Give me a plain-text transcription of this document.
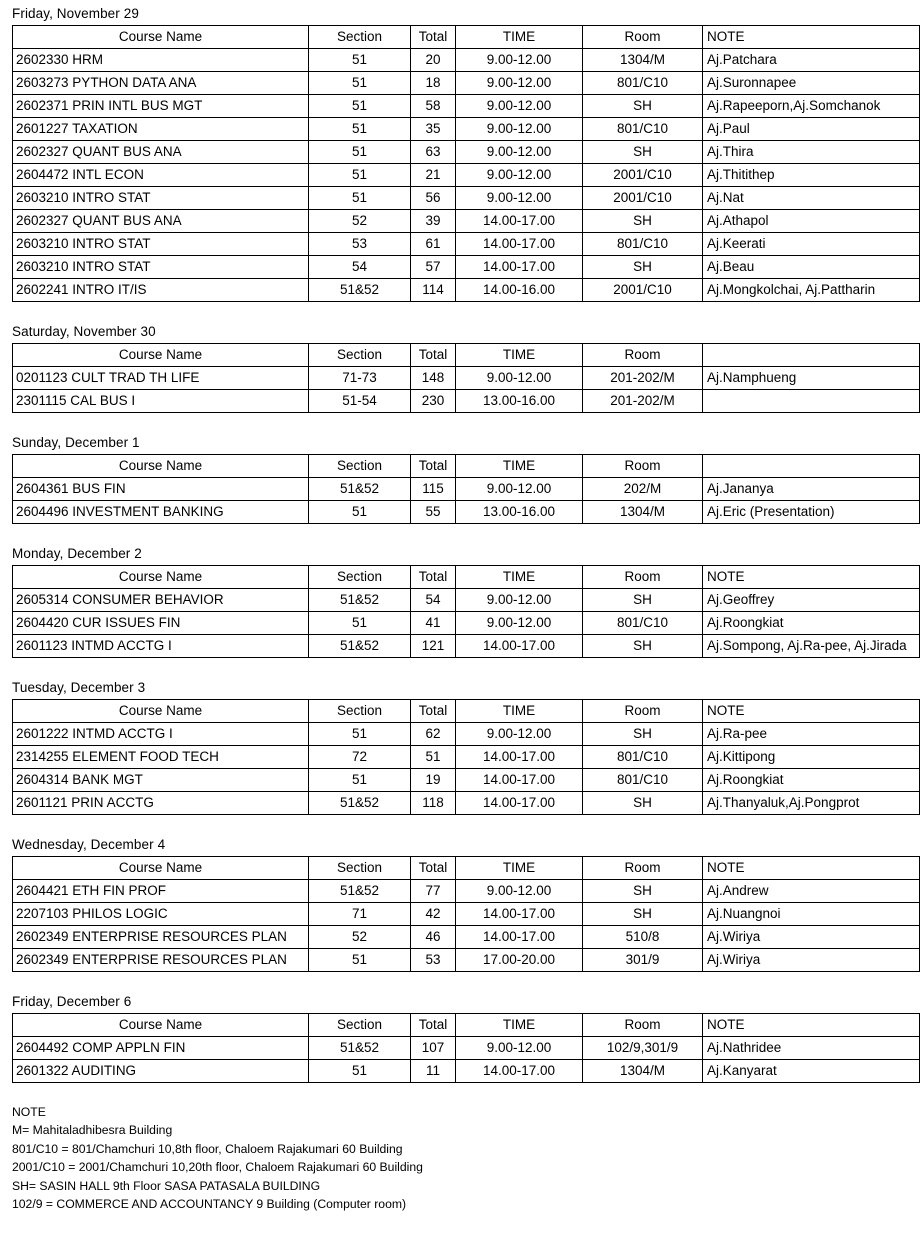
Friday, November 29
Course Name	Section	Total	TIME	Room	NOTE
2602330 HRM	51	20	9.00-12.00	1304/M	Aj.Patchara
2603273 PYTHON DATA ANA	51	18	9.00-12.00	801/C10	Aj.Suronnapee
2602371 PRIN INTL BUS MGT	51	58	9.00-12.00	SH	Aj.Rapeeporn,Aj.Somchanok
2601227 TAXATION	51	35	9.00-12.00	801/C10	Aj.Paul
2602327 QUANT BUS ANA	51	63	9.00-12.00	SH	Aj.Thira
2604472 INTL ECON	51	21	9.00-12.00	2001/C10	Aj.Thitithep
2603210 INTRO STAT	51	56	9.00-12.00	2001/C10	Aj.Nat
2602327 QUANT BUS ANA	52	39	14.00-17.00	SH	Aj.Athapol
2603210 INTRO STAT	53	61	14.00-17.00	801/C10	Aj.Keerati
2603210 INTRO STAT	54	57	14.00-17.00	SH	Aj.Beau
2602241 INTRO IT/IS	51&52	114	14.00-16.00	2001/C10	Aj.Mongkolchai, Aj.Pattharin
Saturday, November 30
Course Name	Section	Total	TIME	Room	
0201123 CULT TRAD TH LIFE	71-73	148	9.00-12.00	201-202/M	Aj.Namphueng
2301115 CAL BUS I	51-54	230	13.00-16.00	201-202/M	
Sunday, December 1
Course Name	Section	Total	TIME	Room	
2604361 BUS FIN	51&52	115	9.00-12.00	202/M	Aj.Jananya
2604496 INVESTMENT BANKING	51	55	13.00-16.00	1304/M	Aj.Eric (Presentation)
Monday, December 2
Course Name	Section	Total	TIME	Room	NOTE
2605314 CONSUMER BEHAVIOR	51&52	54	9.00-12.00	SH	Aj.Geoffrey
2604420 CUR ISSUES FIN	51	41	9.00-12.00	801/C10	Aj.Roongkiat
2601123 INTMD ACCTG I	51&52	121	14.00-17.00	SH	Aj.Sompong, Aj.Ra-pee, Aj.Jirada
Tuesday, December 3
Course Name	Section	Total	TIME	Room	NOTE
2601222 INTMD ACCTG I	51	62	9.00-12.00	SH	Aj.Ra-pee
2314255 ELEMENT FOOD TECH	72	51	14.00-17.00	801/C10	Aj.Kittipong
2604314 BANK MGT	51	19	14.00-17.00	801/C10	Aj.Roongkiat
2601121 PRIN ACCTG	51&52	118	14.00-17.00	SH	Aj.Thanyaluk,Aj.Pongprot
Wednesday, December 4
Course Name	Section	Total	TIME	Room	NOTE
2604421 ETH FIN PROF	51&52	77	9.00-12.00	SH	Aj.Andrew
2207103 PHILOS LOGIC	71	42	14.00-17.00	SH	Aj.Nuangnoi
2602349 ENTERPRISE RESOURCES PLAN	52	46	14.00-17.00	510/8	Aj.Wiriya
2602349 ENTERPRISE RESOURCES PLAN	51	53	17.00-20.00	301/9	Aj.Wiriya
Friday, December 6
Course Name	Section	Total	TIME	Room	NOTE
2604492 COMP APPLN FIN	51&52	107	9.00-12.00	102/9,301/9	Aj.Nathridee
2601322 AUDITING	51	11	14.00-17.00	1304/M	Aj.Kanyarat
NOTE
M= Mahitaladhibesra Building
801/C10 = 801/Chamchuri 10,8th floor, Chaloem Rajakumari 60 Building
2001/C10 = 2001/Chamchuri 10,20th floor, Chaloem Rajakumari 60 Building
SH= SASIN HALL 9th Floor SASA PATASALA BUILDING
102/9 = COMMERCE AND ACCOUNTANCY 9 Building (Computer room)
